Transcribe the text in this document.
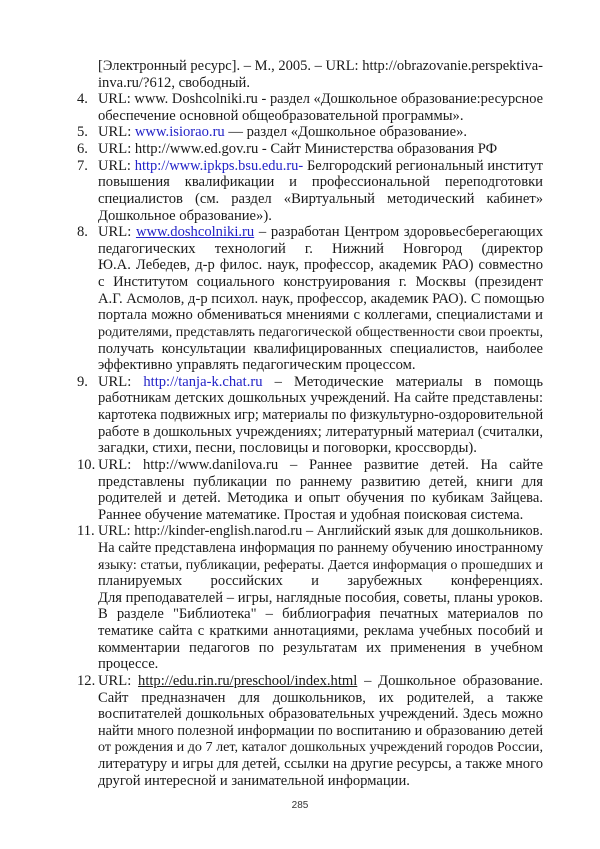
[Электронный ресурс]. – М., 2005. – URL: http://obrazovanie.perspektiva-
inva.ru/?612, свободный.
4. URL: www. Doshcolniki.ru - раздел «Дошкольное образование:ресурсное
обеспечение основной общеобразовательной программы».
5. URL: www.isiorao.ru — раздел «Дошкольное образование».
6. URL: http://www.ed.gov.ru - Сайт Министерства образования РФ
7. URL: http://www.ipkps.bsu.edu.ru- Белгородский региональный институт
повышения квалификации и профессиональной переподготовки
специалистов (см. раздел «Виртуальный методический кабинет»
Дошкольное образование»).
8. URL: www.doshcolniki.ru – разработан Центром здоровьесберегающих
педагогических технологий г. Нижний Новгород (директор
Ю.А. Лебедев, д-р филос. наук, профессор, академик РАО) совместно
с Институтом социального конструирования г. Москвы (президент
А.Г. Асмолов, д-р психол. наук, профессор, академик РАО). С помощью
портала можно обмениваться мнениями с коллегами, специалистами и
родителями, представлять педагогической общественности свои проекты,
получать консультации квалифицированных специалистов, наиболее
эффективно управлять педагогическим процессом.
9. URL: http://tanja-k.chat.ru – Методические материалы в помощь
работникам детских дошкольных учреждений. На сайте представлены:
картотека подвижных игр; материалы по физкультурно-оздоровительной
работе в дошкольных учреждениях; литературный материал (считалки,
загадки, стихи, песни, пословицы и поговорки, кроссворды).
10. URL: http://www.danilova.ru – Раннее развитие детей. На сайте
представлены публикации по раннему развитию детей, книги для
родителей и детей. Методика и опыт обучения по кубикам Зайцева.
Раннее обучение математике. Простая и удобная поисковая система.
11. URL: http://kinder-english.narod.ru – Английский язык для дошкольников.
На сайте представлена информация по раннему обучению иностранному
языку: статьи, публикации, рефераты. Дается информация о прошедших и
планируемых российских и зарубежных конференциях.
Для преподавателей – игры, наглядные пособия, советы, планы уроков.
В разделе "Библиотека" – библиография печатных материалов по
тематике сайта с краткими аннотациями, реклама учебных пособий и
комментарии педагогов по результатам их применения в учебном
процессе.
12. URL: http://edu.rin.ru/preschool/index.html – Дошкольное образование.
Сайт предназначен для дошкольников, их родителей, а также
воспитателей дошкольных образовательных учреждений. Здесь можно
найти много полезной информации по воспитанию и образованию детей
от рождения и до 7 лет, каталог дошкольных учреждений городов России,
литературу и игры для детей, ссылки на другие ресурсы, а также много
другой интересной и занимательной информации.
285
